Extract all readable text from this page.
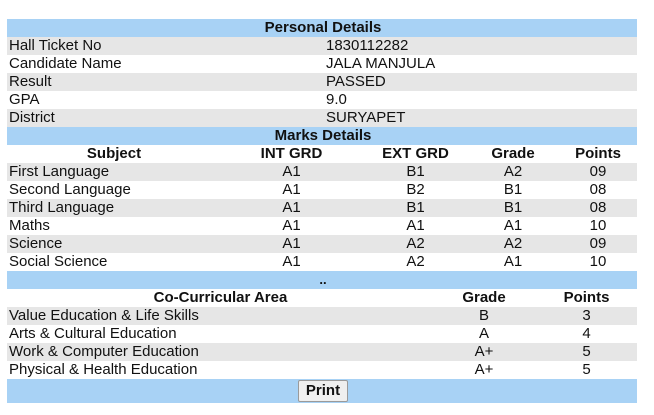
Personal Details	
Hall Ticket No	1830112282
Candidate Name	JALA MANJULA
Result	PASSED
GPA	9.0
District	SURYAPET
Marks Details				
Subject	INT GRD	EXT GRD	Grade	Points
First Language	A1	B1	A2	09
Second Language	A1	B2	B1	08
Third Language	A1	B1	B1	08
Maths	A1	A1	A1	10
Science	A1	A2	A2	09
Social Science	A1	A2	A1	10
..				
Co-Curricular Area	Grade	Points
Value Education & Life Skills	B	3
Arts & Cultural Education	A	4
Work & Computer Education	A+	5
Physical & Health Education	A+	5
Print		
